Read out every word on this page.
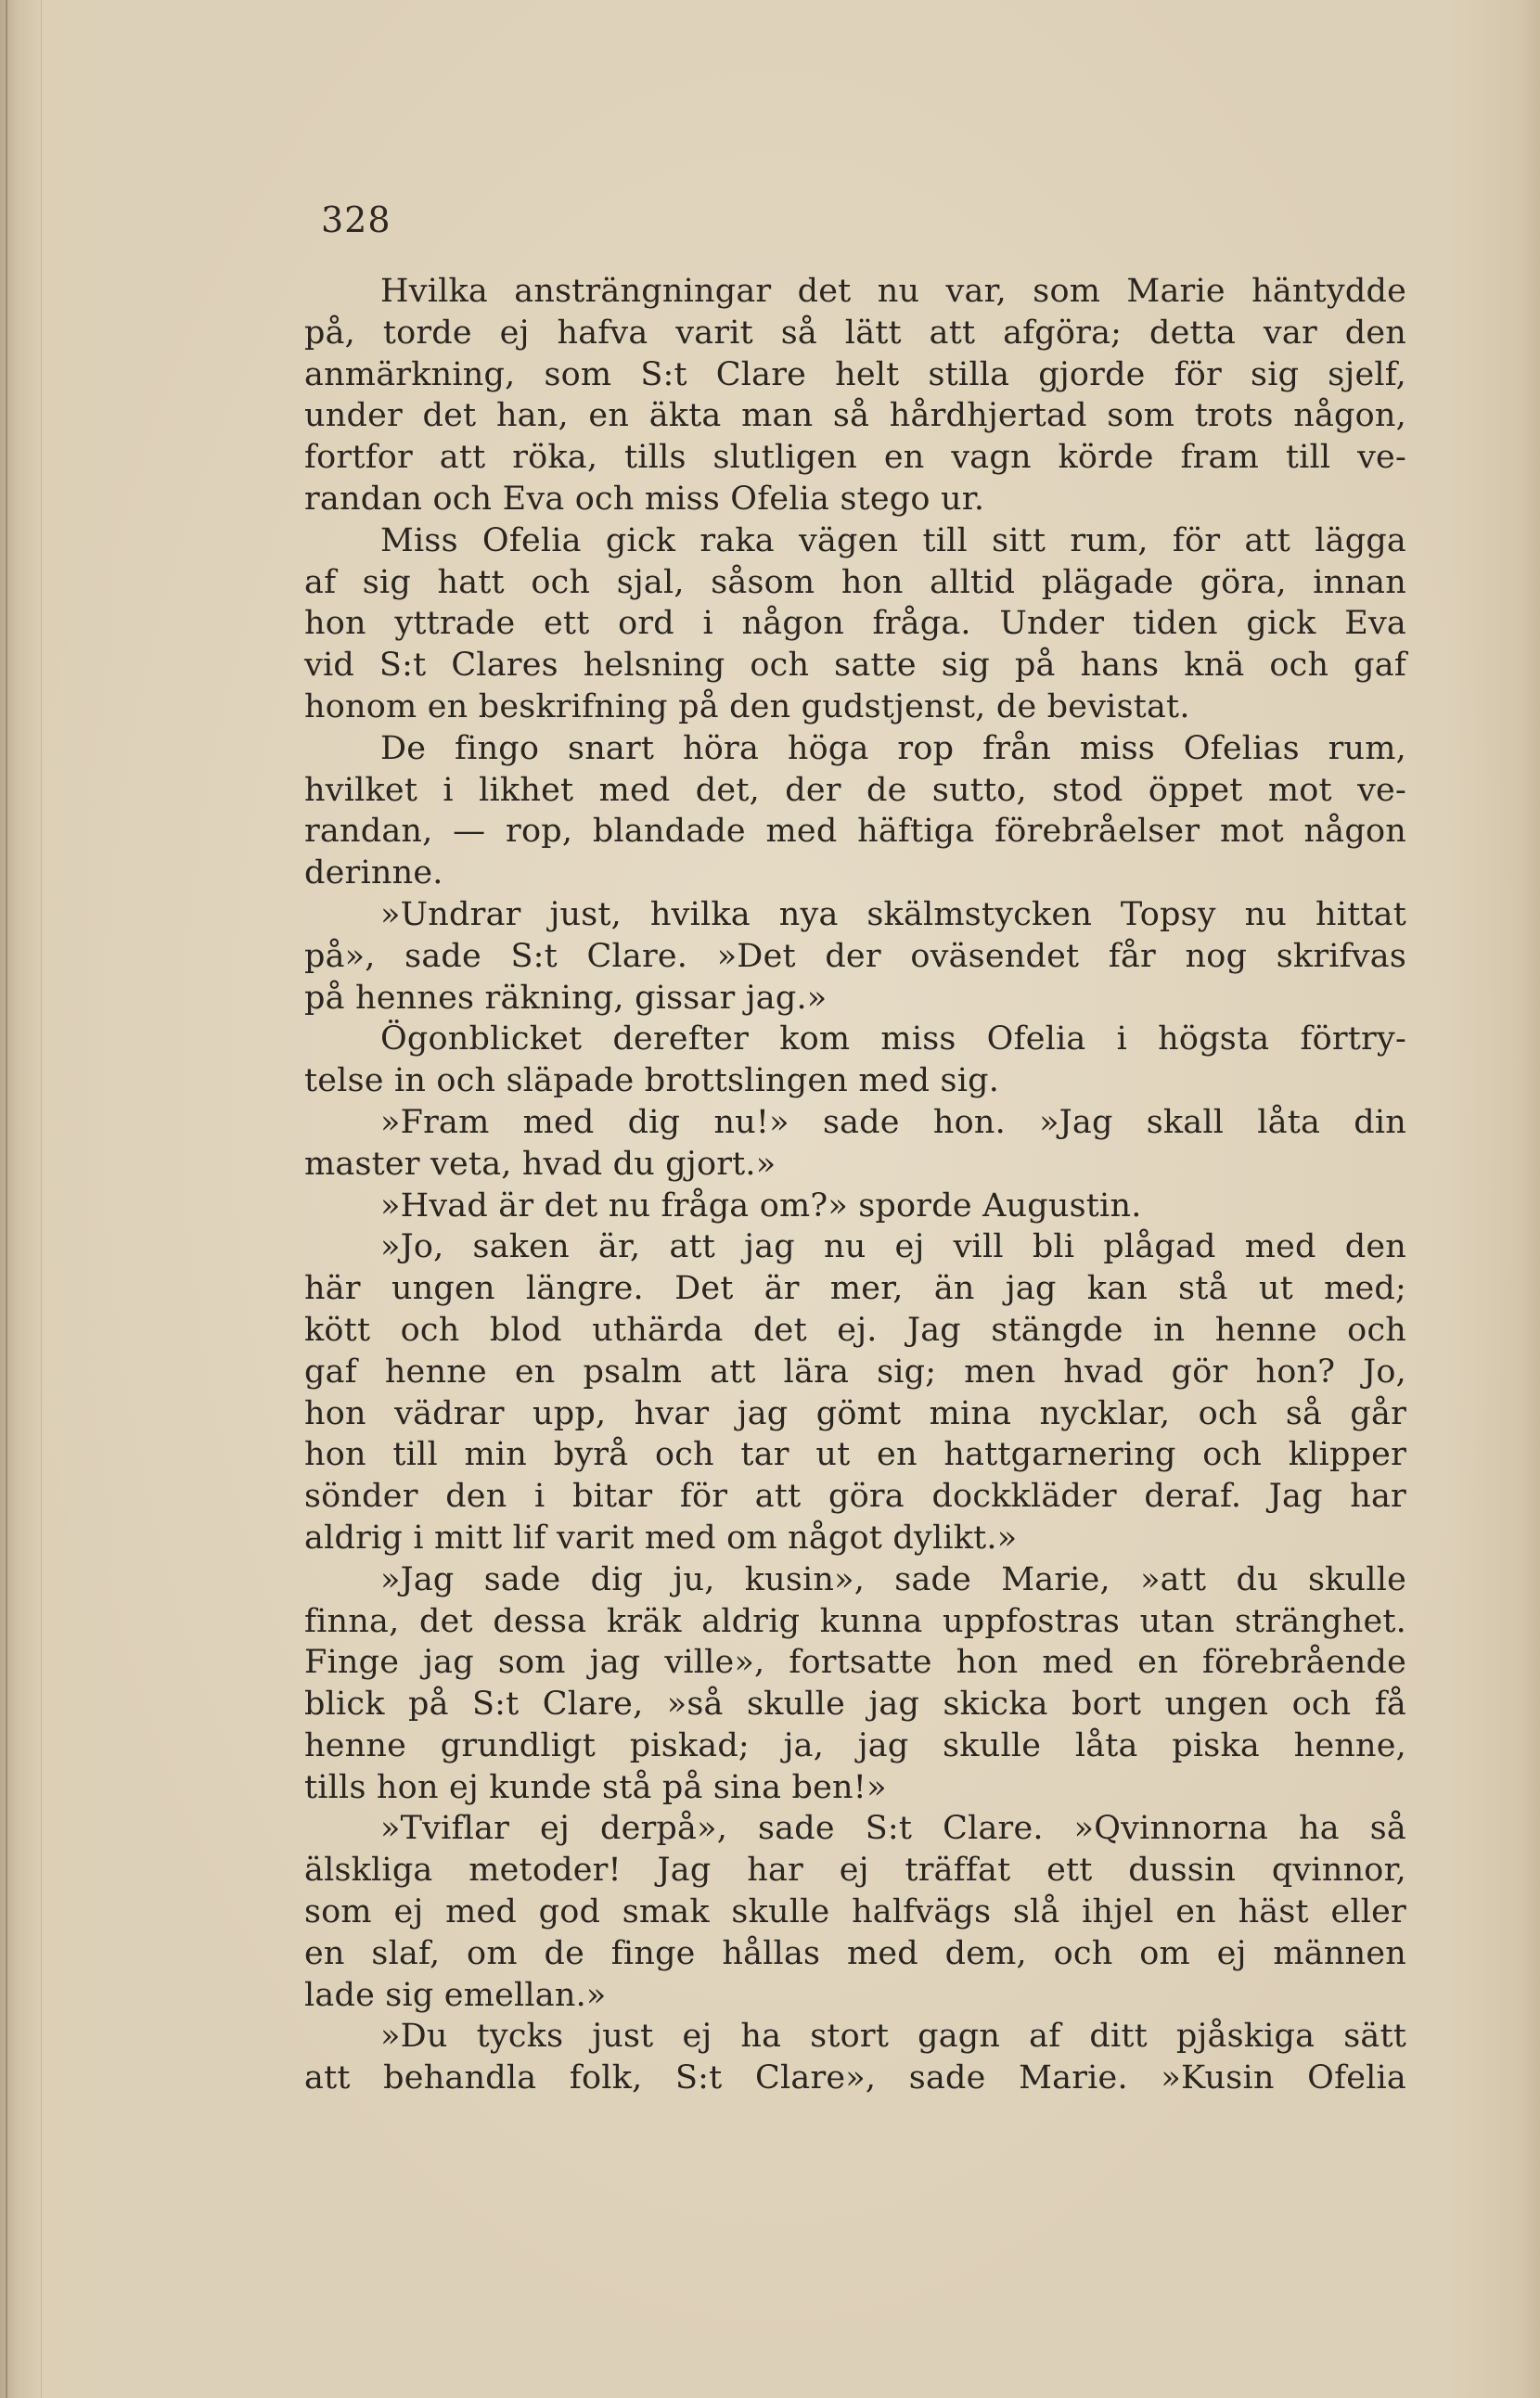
328
Hvilka ansträngningar det nu var, som Marie häntydde
på, torde ej hafva varit så lätt att afgöra; detta var den
anmärkning, som S:t Clare helt stilla gjorde för sig sjelf,
under det han, en äkta man så hårdhjertad som trots någon,
fortfor att röka, tills slutligen en vagn körde fram till ve-
randan och Eva och miss Ofelia stego ur.
Miss Ofelia gick raka vägen till sitt rum, för att lägga
af sig hatt och sjal, såsom hon alltid plägade göra, innan
hon yttrade ett ord i någon fråga. Under tiden gick Eva
vid S:t Clares helsning och satte sig på hans knä och gaf
honom en beskrifning på den gudstjenst, de bevistat.
De fingo snart höra höga rop från miss Ofelias rum,
hvilket i likhet med det, der de sutto, stod öppet mot ve-
randan, — rop, blandade med häftiga förebråelser mot någon
derinne.
»Undrar just, hvilka nya skälmstycken Topsy nu hittat
på», sade S:t Clare. »Det der oväsendet får nog skrifvas
på hennes räkning, gissar jag.»
Ögonblicket derefter kom miss Ofelia i högsta förtry-
telse in och släpade brottslingen med sig.
»Fram med dig nu!» sade hon. »Jag skall låta din
master veta, hvad du gjort.»
»Hvad är det nu fråga om?» sporde Augustin.
»Jo, saken är, att jag nu ej vill bli plågad med den
här ungen längre. Det är mer, än jag kan stå ut med;
kött och blod uthärda det ej. Jag stängde in henne och
gaf henne en psalm att lära sig; men hvad gör hon? Jo,
hon vädrar upp, hvar jag gömt mina nycklar, och så går
hon till min byrå och tar ut en hattgarnering och klipper
sönder den i bitar för att göra dockkläder deraf. Jag har
aldrig i mitt lif varit med om något dylikt.»
»Jag sade dig ju, kusin», sade Marie, »att du skulle
finna, det dessa kräk aldrig kunna uppfostras utan stränghet.
Finge jag som jag ville», fortsatte hon med en förebrående
blick på S:t Clare, »så skulle jag skicka bort ungen och få
henne grundligt piskad; ja, jag skulle låta piska henne,
tills hon ej kunde stå på sina ben!»
»Tviflar ej derpå», sade S:t Clare. »Qvinnorna ha så
älskliga metoder! Jag har ej träffat ett dussin qvinnor,
som ej med god smak skulle halfvägs slå ihjel en häst eller
en slaf, om de finge hållas med dem, och om ej männen
lade sig emellan.»
»Du tycks just ej ha stort gagn af ditt pjåskiga sätt
att behandla folk, S:t Clare», sade Marie. »Kusin Ofelia
